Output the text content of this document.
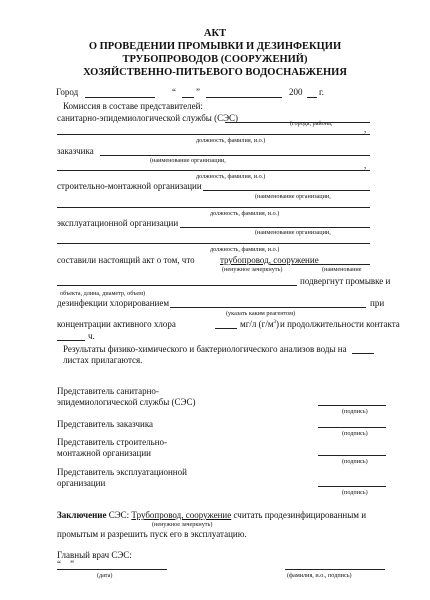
АКТ
О ПРОВЕДЕНИИ ПРОМЫВКИ И ДЕЗИНФЕКЦИИ
ТРУБОПРОВОДОВ (СООРУЖЕНИЙ)
ХОЗЯЙСТВЕННО-ПИТЬЕВОГО ВОДОСНАБЖЕНИЯ
Город	“ ”	200 г.
Комиссия в составе представителей:
санитарно-эпидемиологической службы (СЭС)
(города, района,
,
должность, фамилия, и.о.)
заказчика
(наименование организации,	,
должность, фамилия, и.о.)
строительно-монтажной организации
(наименование организации,
должность, фамилия, и.о.)
эксплуатационной организации
(наименование организации,
должность, фамилия, и.о.)
составили настоящий акт о том, что	трубопровод, сооружение
(ненужное зачеркнуть)	(наименование
подвергнут промывке и
объекта, длина, диаметр, объем)
дезинфекции хлорированием	при
(указать каким реагентом)
концентрации активного хлора	мг/л $(г/м^3)$ и продолжительности контакта
ч.
Результаты физико-химического и бактериологического анализов воды на
листах прилагаются.
Представитель санитарно-
эпидемиологической службы (СЭС)
(подпись)
Представитель заказчика
(подпись)
Представитель строительно-
монтажной организации
(подпись)
Представитель эксплуатационной
организации
(подпись)
Заключение СЭС: Трубопровод, сооружение считать продезинфицированным и
(ненужное зачеркнуть)
промытым и разрешить пуск его в эксплуатацию.
Главный врач СЭС:
“ ”
(дата)	(фамилия, и.о., подпись)
